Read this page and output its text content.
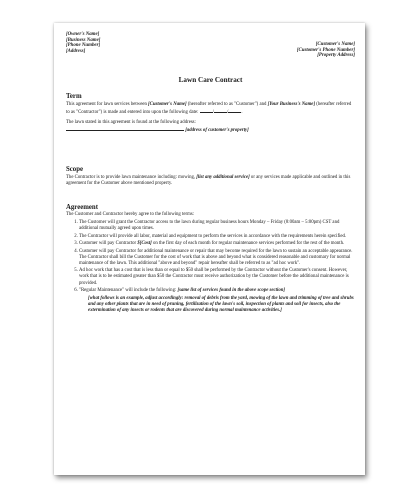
[Owner's Name]
[Business Name]
[Phone Number]
[Address]
[Customer's Name]
[Customer's Phone Number]
[Property Address]
Lawn Care Contract
Term

This agreement for lawn services between [Customer's Name] (hereafter referred to as "Customer") and [Your Business's Name] (hereafter referred to as "Contractor") is made and entered into upon the following date:	/	/	.

The lawn stated in this agreement is found at the following address:

[address of customer's property]

Scope

The Contractor is to provide lawn maintenance including: mowing, [list any additional service] or any services made applicable and outlined in this agreement for the Customer above mentioned property.

Agreement

The Customer and Contractor hereby agree to the following terms:

1. The Customer will grant the Contractor access to the lawn during regular business hours Monday – Friday (8:00am – 5:00pm) CST and additional mutually agreed upon times.
2. The Contractor will provide all labor, material and equipment to perform the services in accordance with the requirements herein specified.
3. Customer will pay Contractor $[Cost] on the first day of each month for regular maintenance services performed for the rest of the month.
4. Customer will pay Contractor for additional maintenance or repair that may become required for the lawn to sustain an acceptable appearance. The Contractor shall bill the Customer for the cost of work that is above and beyond what is considered reasonable and customary for normal maintenance of the lawn. This additional "above and beyond" repair hereafter shall be referred to as "ad hoc work".
5. Ad hoc work that has a cost that is less than or equal to $50 shall be performed by the Contractor without the Customer's consent. However, work that is to be estimated greater than $50 the Contractor must receive authorization by the Customer before the additional maintenance is provided.
6. "Regular Maintenance" will include the following: [same list of services found in the above scope section]
[what follows is an example, adjust accordingly: removal of debris from the yard, mowing of the lawn and trimming of tree and shrubs and any other plants that are in need of pruning, fertilization of the lawn's soil, inspection of plants and soil for insects, also the extermination of any insects or rodents that are discovered during normal maintenance activities.]
